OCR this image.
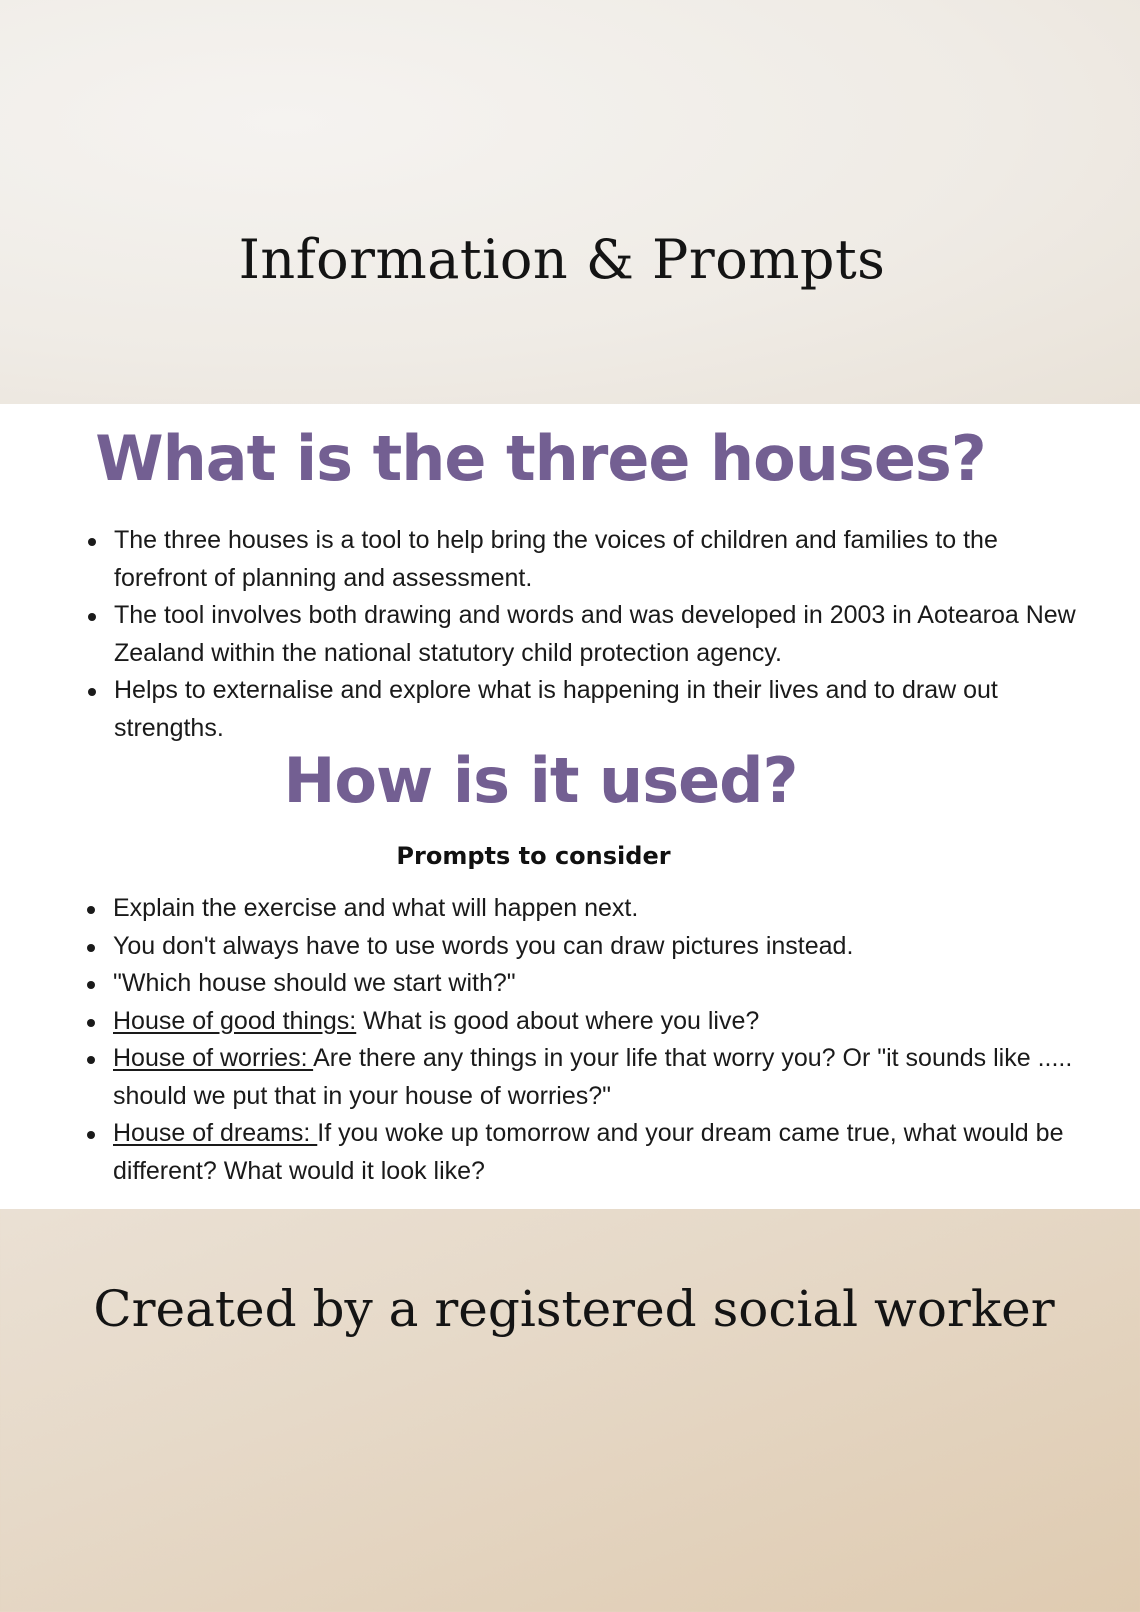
Information & Prompts
What is the three houses?
The three houses is a tool to help bring the voices of children and families to the forefront of planning and assessment.
The tool involves both drawing and words and was developed in 2003 in Aotearoa New Zealand within the national statutory child protection agency.
Helps to externalise and explore what is happening in their lives and to draw out strengths.
How is it used?
Prompts to consider
Explain the exercise and what will happen next.
You don't always have to use words you can draw pictures instead.
"Which house should we start with?"
House of good things: What is good about where you live?
House of worries: Are there any things in your life that worry you? Or "it sounds like ..... should we put that in your house of worries?"
House of dreams: If you woke up tomorrow and your dream came true, what would be different? What would it look like?

Created by a registered social worker
